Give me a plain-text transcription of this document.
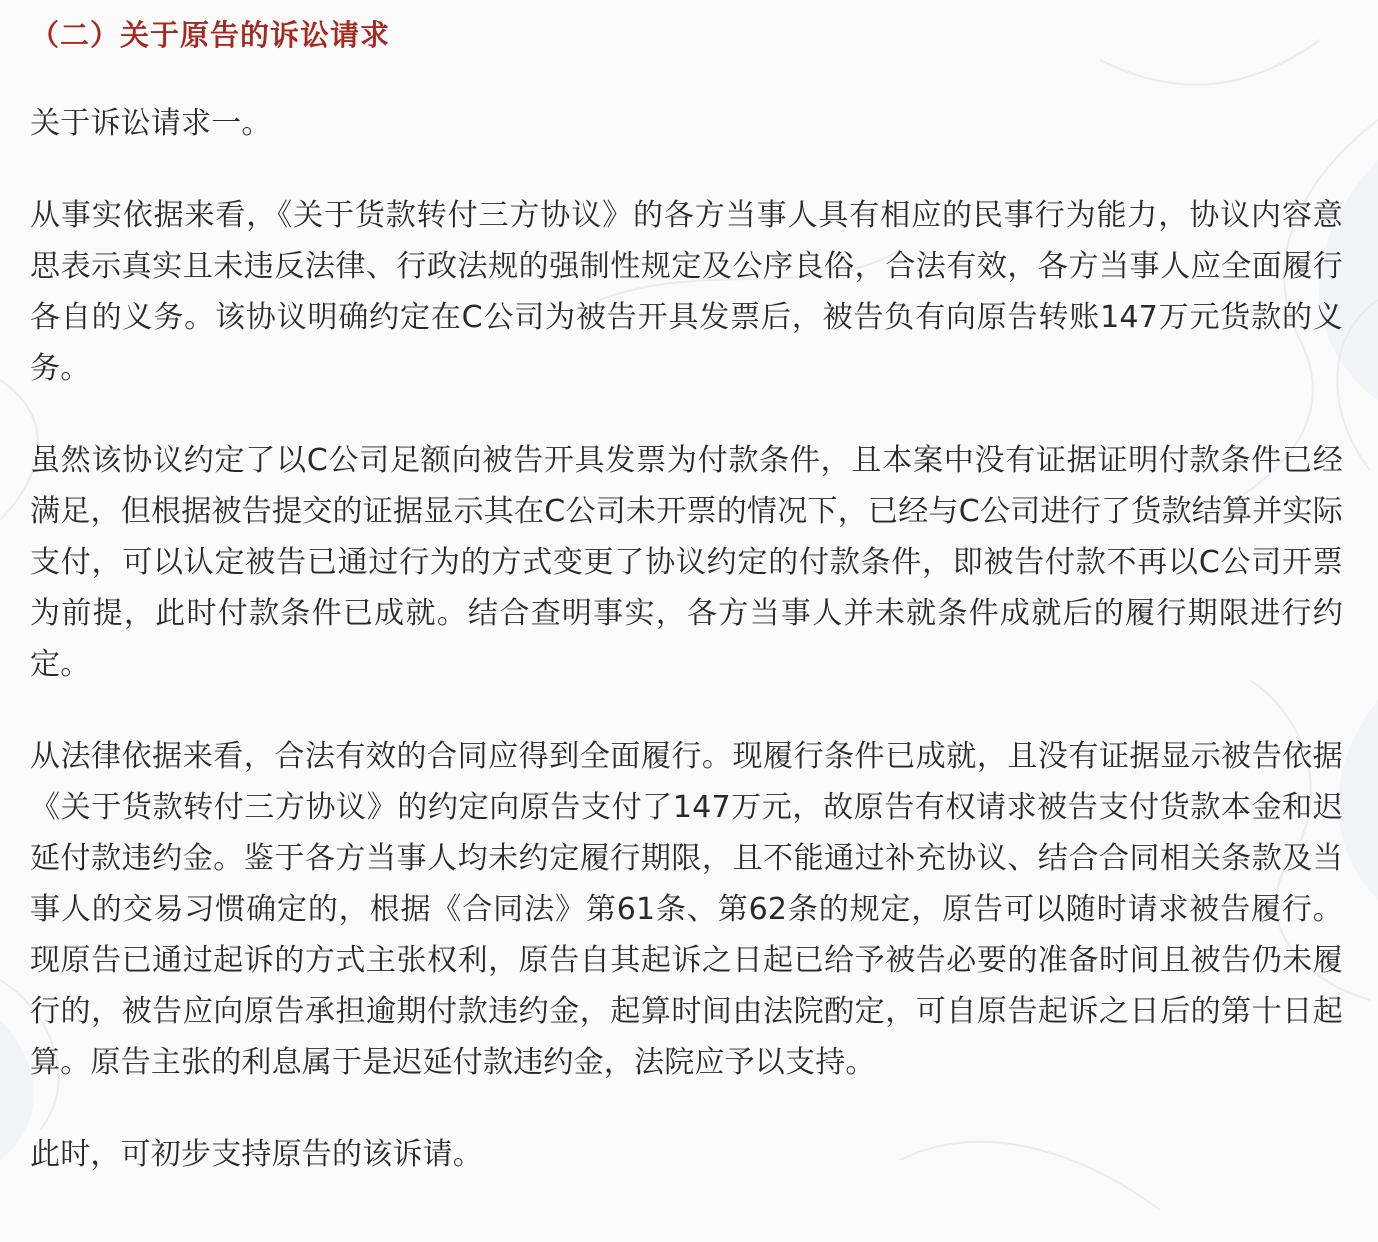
（二）关于原告的诉讼请求

关于诉讼请求一。

从事实依据来看，《关于货款转付三方协议》的各方当事人具有相应的民事行为能力，协议内容意思表示真实且未违反法律、行政法规的强制性规定及公序良俗，合法有效，各方当事人应全面履行各自的义务。该协议明确约定在C公司为被告开具发票后，被告负有向原告转账147万元货款的义务。

虽然该协议约定了以C公司足额向被告开具发票为付款条件，且本案中没有证据证明付款条件已经满足，但根据被告提交的证据显示其在C公司未开票的情况下，已经与C公司进行了货款结算并实际支付，可以认定被告已通过行为的方式变更了协议约定的付款条件，即被告付款不再以C公司开票为前提，此时付款条件已成就。结合查明事实，各方当事人并未就条件成就后的履行期限进行约定。

从法律依据来看，合法有效的合同应得到全面履行。现履行条件已成就，且没有证据显示被告依据《关于货款转付三方协议》的约定向原告支付了147万元，故原告有权请求被告支付货款本金和迟延付款违约金。鉴于各方当事人均未约定履行期限，且不能通过补充协议、结合合同相关条款及当事人的交易习惯确定的，根据《合同法》第61条、第62条的规定，原告可以随时请求被告履行。现原告已通过起诉的方式主张权利，原告自其起诉之日起已给予被告必要的准备时间且被告仍未履行的，被告应向原告承担逾期付款违约金，起算时间由法院酌定，可自原告起诉之日后的第十日起算。原告主张的利息属于是迟延付款违约金，法院应予以支持。

此时，可初步支持原告的该诉请。
